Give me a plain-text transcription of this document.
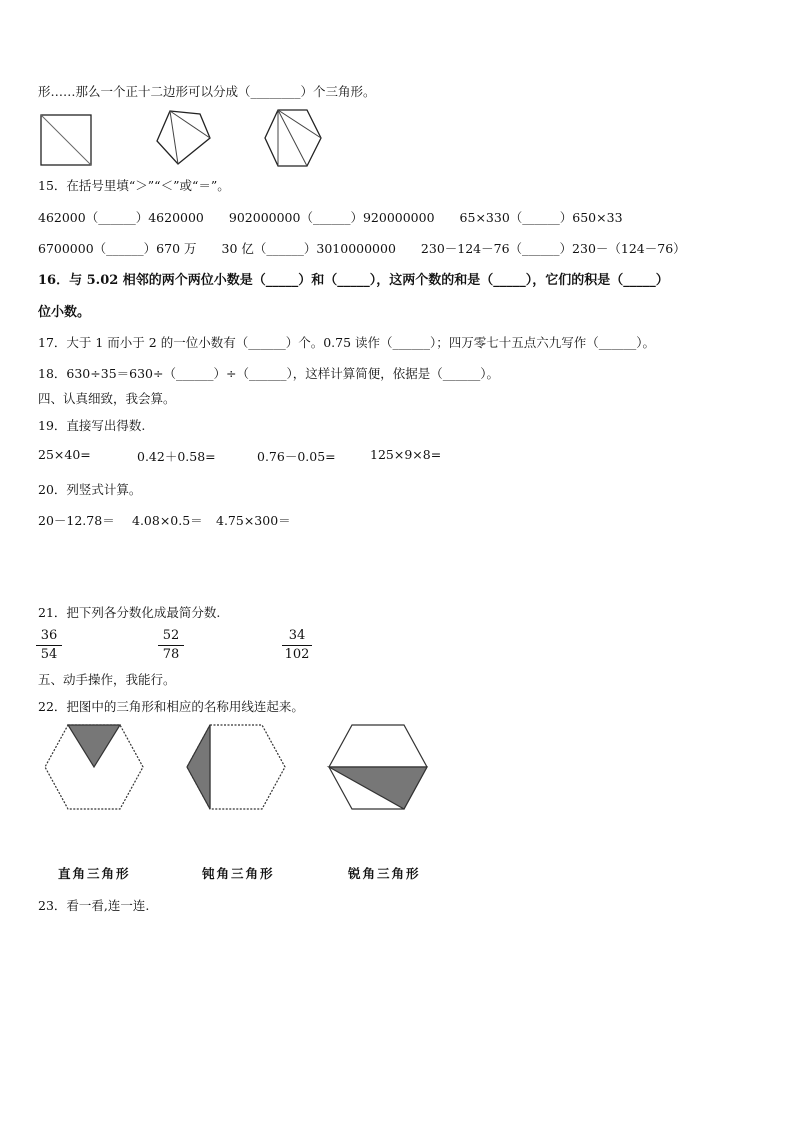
形……那么一个正十二边形可以分成（________）个三角形。
15．在括号里填“＞”“＜”或“＝”。
462000（______）4620000　　902000000（______）920000000　　65×330（______）650×33
6700000（______）670 万　　30 亿（______）3010000000　　230－124－76（______）230－（124－76）
16．与 5.02 相邻的两个两位小数是（_____）和（_____），这两个数的和是（_____），它们的积是（_____）
位小数。
17．大于 1 而小于 2 的一位小数有（______）个。0.75 读作（______）；四万零七十五点六九写作（______）。
18．630÷35＝630÷（______）÷（______），这样计算简便，依据是（______）。
四、认真细致，我会算。
19．直接写出得数.
25×40=	0.42＋0.58=	0.76－0.05=	125×9×8=
20．列竖式计算。
20－12.78＝ 4.08×0.5＝ 4.75×300＝
21．把下列各分数化成最简分数.
$\frac{36}{54}$	$\frac{52}{78}$	$\frac{34}{102}$
五、动手操作，我能行。
22．把图中的三角形和相应的名称用线连起来。
直角三角形	钝角三角形	锐角三角形
23．看一看,连一连.
